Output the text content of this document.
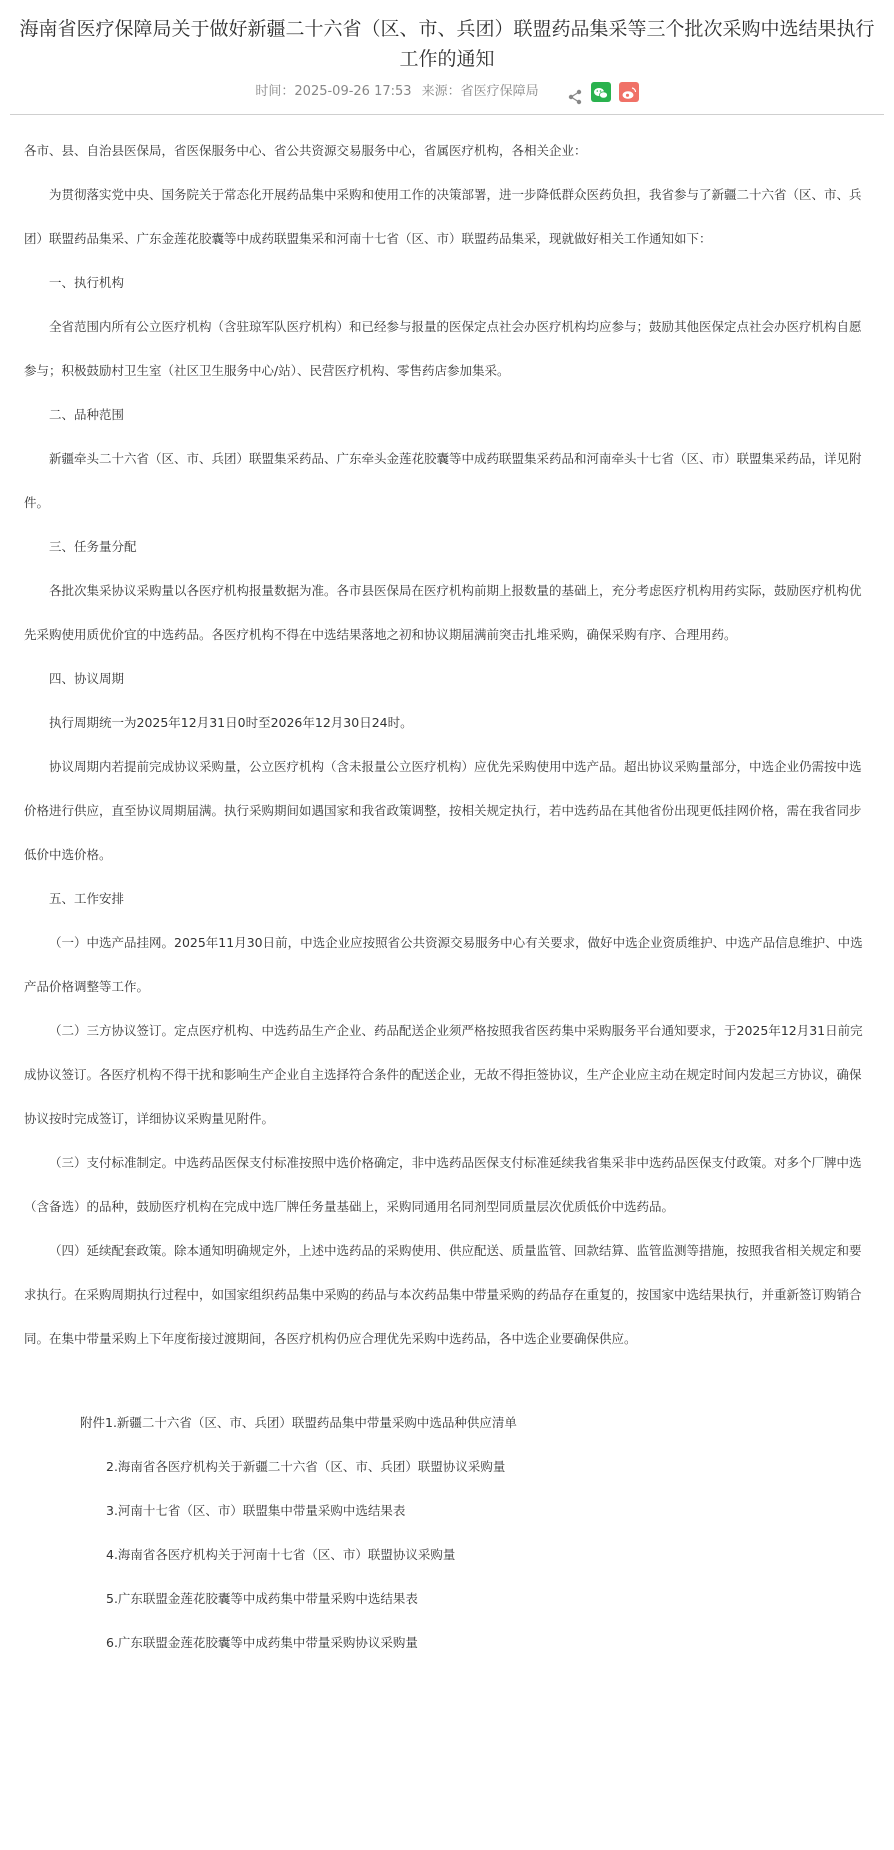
海南省医疗保障局关于做好新疆二十六省（区、市、兵团）联盟药品集采等三个批次采购中选结果执行工作的通知
时间：2025-09-26 17:53 来源：省医疗保障局

各市、县、自治县医保局，省医保服务中心、省公共资源交易服务中心，省属医疗机构，各相关企业：

为贯彻落实党中央、国务院关于常态化开展药品集中采购和使用工作的决策部署，进一步降低群众医药负担，我省参与了新疆二十六省（区、市、兵团）联盟药品集采、广东金莲花胶囊等中成药联盟集采和河南十七省（区、市）联盟药品集采，现就做好相关工作通知如下：

一、执行机构

全省范围内所有公立医疗机构（含驻琼军队医疗机构）和已经参与报量的医保定点社会办医疗机构均应参与；鼓励其他医保定点社会办医疗机构自愿参与；积极鼓励村卫生室（社区卫生服务中心/站）、民营医疗机构、零售药店参加集采。

二、品种范围

新疆牵头二十六省（区、市、兵团）联盟集采药品、广东牵头金莲花胶囊等中成药联盟集采药品和河南牵头十七省（区、市）联盟集采药品，详见附件。

三、任务量分配

各批次集采协议采购量以各医疗机构报量数据为准。各市县医保局在医疗机构前期上报数量的基础上，充分考虑医疗机构用药实际，鼓励医疗机构优先采购使用质优价宜的中选药品。各医疗机构不得在中选结果落地之初和协议期届满前突击扎堆采购，确保采购有序、合理用药。

四、协议周期

执行周期统一为2025年12月31日0时至2026年12月30日24时。

协议周期内若提前完成协议采购量，公立医疗机构（含未报量公立医疗机构）应优先采购使用中选产品。超出协议采购量部分，中选企业仍需按中选价格进行供应，直至协议周期届满。执行采购期间如遇国家和我省政策调整，按相关规定执行，若中选药品在其他省份出现更低挂网价格，需在我省同步低价中选价格。

五、工作安排

（一）中选产品挂网。2025年11月30日前，中选企业应按照省公共资源交易服务中心有关要求，做好中选企业资质维护、中选产品信息维护、中选产品价格调整等工作。

（二）三方协议签订。定点医疗机构、中选药品生产企业、药品配送企业须严格按照我省医药集中采购服务平台通知要求，于2025年12月31日前完成协议签订。各医疗机构不得干扰和影响生产企业自主选择符合条件的配送企业，无故不得拒签协议，生产企业应主动在规定时间内发起三方协议，确保协议按时完成签订，详细协议采购量见附件。

（三）支付标准制定。中选药品医保支付标准按照中选价格确定，非中选药品医保支付标准延续我省集采非中选药品医保支付政策。对多个厂牌中选（含备选）的品种，鼓励医疗机构在完成中选厂牌任务量基础上，采购同通用名同剂型同质量层次优质低价中选药品。

（四）延续配套政策。除本通知明确规定外，上述中选药品的采购使用、供应配送、质量监管、回款结算、监管监测等措施，按照我省相关规定和要求执行。在采购周期执行过程中，如国家组织药品集中采购的药品与本次药品集中带量采购的药品存在重复的，按国家中选结果执行，并重新签订购销合同。在集中带量采购上下年度衔接过渡期间，各医疗机构仍应合理优先采购中选药品，各中选企业要确保供应。

附件1.新疆二十六省（区、市、兵团）联盟药品集中带量采购中选品种供应清单

2.海南省各医疗机构关于新疆二十六省（区、市、兵团）联盟协议采购量

3.河南十七省（区、市）联盟集中带量采购中选结果表

4.海南省各医疗机构关于河南十七省（区、市）联盟协议采购量

5.广东联盟金莲花胶囊等中成药集中带量采购中选结果表

6.广东联盟金莲花胶囊等中成药集中带量采购协议采购量
